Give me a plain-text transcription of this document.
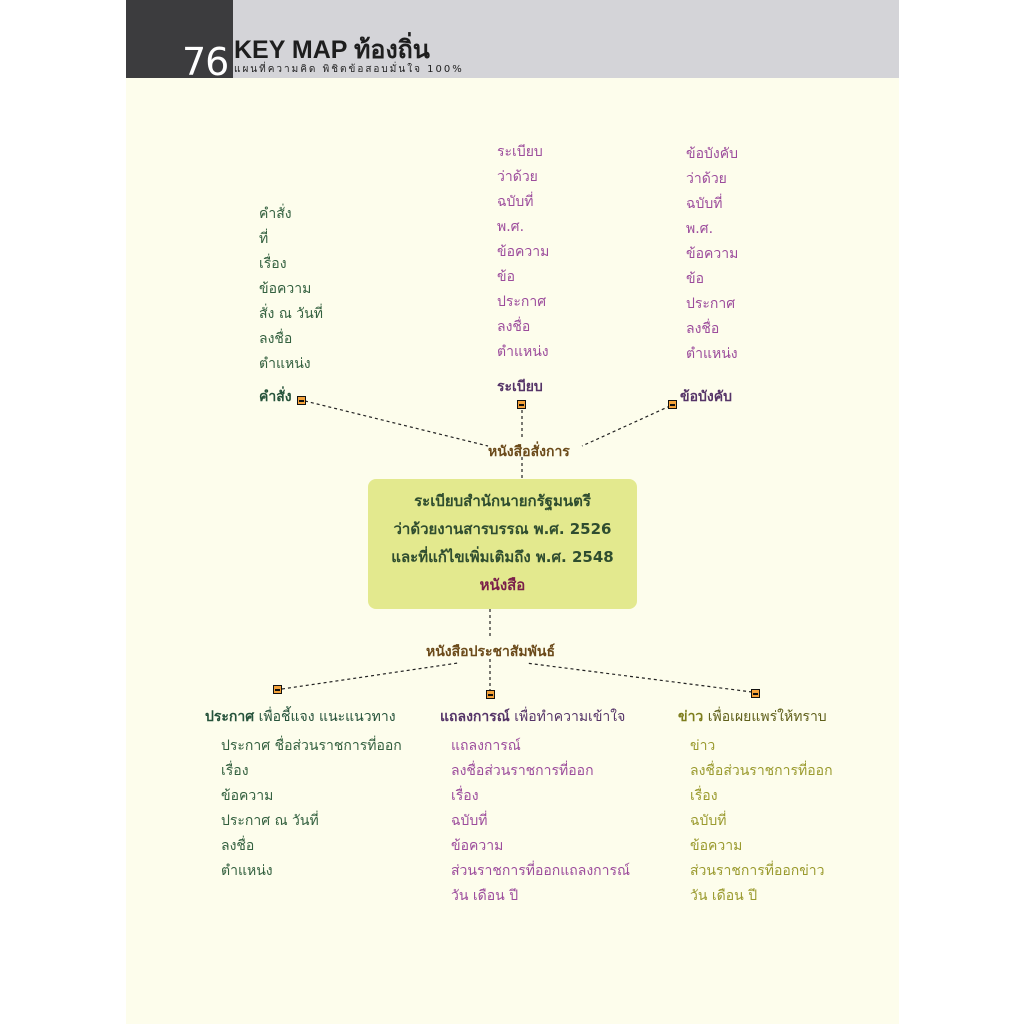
76 KEY MAP ท้องถิ่น
แผนที่ความคิด พิชิตข้อสอบมั่นใจ 100%
คำสั่ง
ที่
เรื่อง
ข้อความ
สั่ง ณ วันที่
ลงชื่อ
ตำแหน่ง
คำสั่ง
ระเบียบ
ว่าด้วย
ฉบับที่
พ.ศ.
ข้อความ
ข้อ
ประกาศ
ลงชื่อ
ตำแหน่ง
ระเบียบ
ข้อบังคับ
ว่าด้วย
ฉบับที่
พ.ศ.
ข้อความ
ข้อ
ประกาศ
ลงชื่อ
ตำแหน่ง
ข้อบังคับ
หนังสือสั่งการ
ระเบียบสำนักนายกรัฐมนตรี
ว่าด้วยงานสารบรรณ พ.ศ. 2526
และที่แก้ไขเพิ่มเติมถึง พ.ศ. 2548
หนังสือ
หนังสือประชาสัมพันธ์
ประกาศ เพื่อชี้แจง แนะแนวทาง
ประกาศ ชื่อส่วนราชการที่ออก
เรื่อง
ข้อความ
ประกาศ ณ วันที่
ลงชื่อ
ตำแหน่ง
แถลงการณ์ เพื่อทำความเข้าใจ
แถลงการณ์
ลงชื่อส่วนราชการที่ออก
เรื่อง
ฉบับที่
ข้อความ
ส่วนราชการที่ออกแถลงการณ์
วัน เดือน ปี
ข่าว เพื่อเผยแพร่ให้ทราบ
ข่าว
ลงชื่อส่วนราชการที่ออก
เรื่อง
ฉบับที่
ข้อความ
ส่วนราชการที่ออกข่าว
วัน เดือน ปี
